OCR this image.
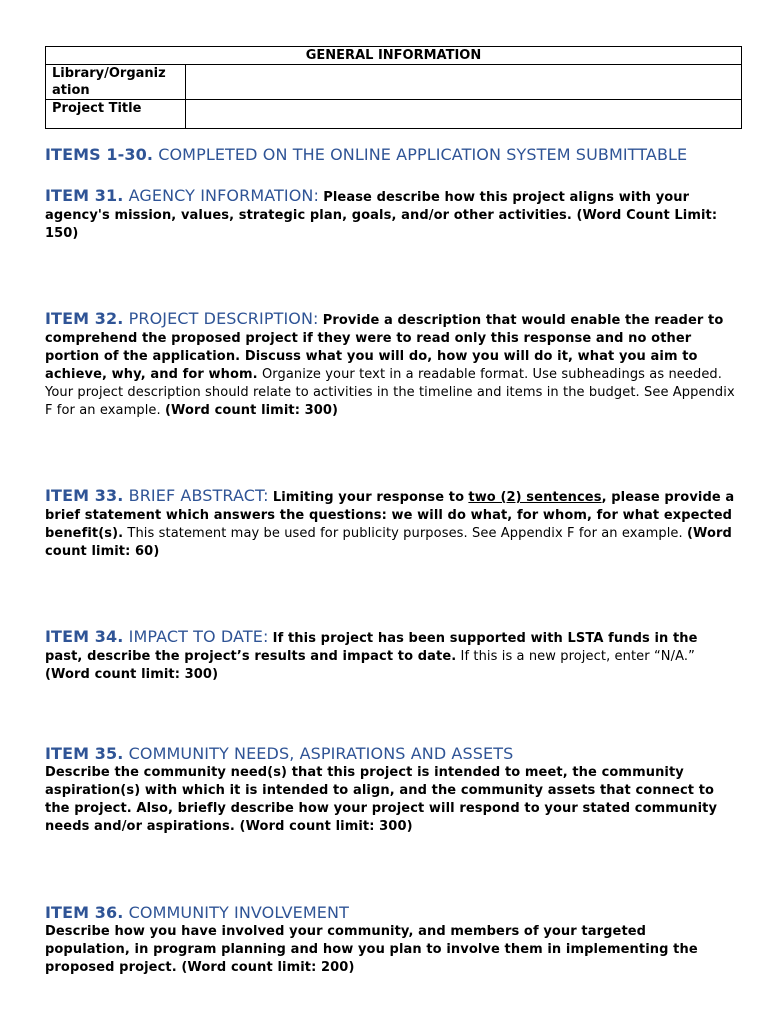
GENERAL INFORMATION	
Library/Organiz
ation	
Project Title	

ITEMS 1-30. COMPLETED ON THE ONLINE APPLICATION SYSTEM SUBMITTABLE

ITEM 31. AGENCY INFORMATION: Please describe how this project aligns with your agency's mission, values, strategic plan, goals, and/or other activities. (Word Count Limit: 150)

ITEM 32. PROJECT DESCRIPTION: Provide a description that would enable the reader to comprehend the proposed project if they were to read only this response and no other portion of the application. Discuss what you will do, how you will do it, what you aim to achieve, why, and for whom. Organize your text in a readable format. Use subheadings as needed. Your project description should relate to activities in the timeline and items in the budget. See Appendix F for an example. (Word count limit: 300)

ITEM 33. BRIEF ABSTRACT: Limiting your response to two (2) sentences, please provide a brief statement which answers the questions: we will do what, for whom, for what expected benefit(s). This statement may be used for publicity purposes. See Appendix F for an example. (Word count limit: 60)

ITEM 34. IMPACT TO DATE: If this project has been supported with LSTA funds in the past, describe the project’s results and impact to date. If this is a new project, enter “N/A.” (Word count limit: 300)

ITEM 35. COMMUNITY NEEDS, ASPIRATIONS AND ASSETS

Describe the community need(s) that this project is intended to meet, the community aspiration(s) with which it is intended to align, and the community assets that connect to the project. Also, briefly describe how your project will respond to your stated community needs and/or aspirations. (Word count limit: 300)

ITEM 36. COMMUNITY INVOLVEMENT

Describe how you have involved your community, and members of your targeted population, in program planning and how you plan to involve them in implementing the proposed project. (Word count limit: 200)
